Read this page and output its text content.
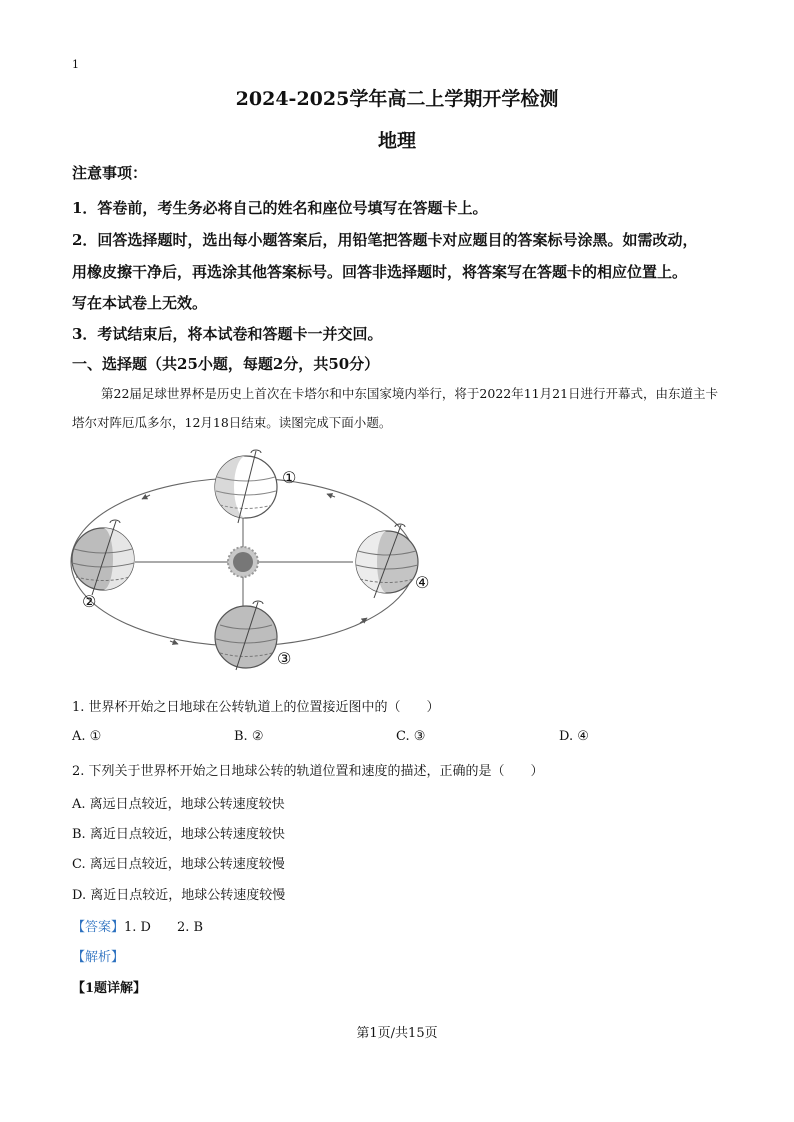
1
2024-2025学年高二上学期开学检测
地理
注意事项：
1．答卷前，考生务必将自己的姓名和座位号填写在答题卡上。
2．回答选择题时，选出每小题答案后，用铅笔把答题卡对应题目的答案标号涂黑。如需改动，
用橡皮擦干净后，再选涂其他答案标号。回答非选择题时，将答案写在答题卡的相应位置上。
写在本试卷上无效。
3．考试结束后，将本试卷和答题卡一并交回。
一、选择题（共25小题，每题2分，共50分）
第22届足球世界杯是历史上首次在卡塔尔和中东国家境内举行，将于2022年11月21日进行开幕式，由东道主卡塔尔对阵厄瓜多尔，12月18日结束。读图完成下面小题。
①
②
③
④
1. 世界杯开始之日地球在公转轨道上的位置接近图中的（　　）
A. ①	B. ②	C. ③	D. ④
2. 下列关于世界杯开始之日地球公转的轨道位置和速度的描述，正确的是（　　）
A. 离远日点较近，地球公转速度较快
B. 离近日点较近，地球公转速度较快
C. 离远日点较近，地球公转速度较慢
D. 离近日点较近，地球公转速度较慢
【答案】1. D 2. B
【解析】
【1题详解】
第1页/共15页
